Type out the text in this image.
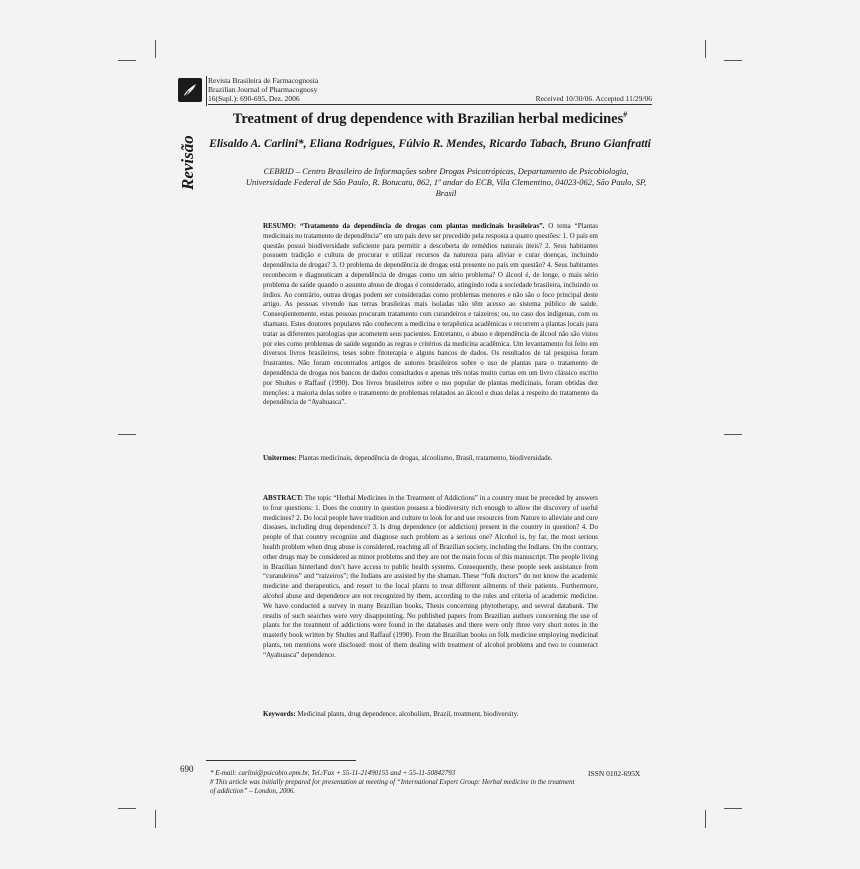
Revista Brasileira de Farmacognosia
Brazilian Journal of Pharmacognosy
16(Supl.): 690-695, Dez. 2006	Received 10/30/06. Accepted 11/29/06
Revisão
Treatment of drug dependence with Brazilian herbal medicines#
Elisaldo A. Carlini*, Eliana Rodrigues, Fúlvio R. Mendes, Ricardo Tabach, Bruno Gianfratti
CEBRID – Centro Brasileiro de Informações sobre Drogas Psicotrópicas, Departamento de Psicobiologia, Universidade Federal de São Paulo, R. Botucatu, 862, 1º andar do ECB, Vila Clementino, 04023-062, São Paulo, SP, Brasil
RESUMO: “Tratamento da dependência de drogas com plantas medicinais brasileiras”. O tema “Plantas medicinais no tratamento de dependência” em um país deve ser precedido pela resposta a quatro questões: 1. O país em questão possui biodiversidade suficiente para permitir a descoberta de remédios naturais úteis? 2. Seus habitantes possuem tradição e cultura de procurar e utilizar recursos da natureza para aliviar e curar doenças, incluindo dependência de drogas? 3. O problema de dependência de drogas está presente no país em questão? 4. Seus habitantes reconhecem e diagnosticam a dependência de drogas como um sério problema? O álcool é, de longe, o mais sério problema de saúde quando o assunto abuso de drogas é considerado, atingindo toda a sociedade brasileira, incluindo os índios. Ao contrário, outras drogas podem ser consideradas como problemas menores e não são o foco principal deste artigo. As pessoas vivendo nas terras brasileiras mais isoladas não têm acesso ao sistema público de saúde. Conseqüentemente, estas pessoas procuram tratamento com curandeiros e raizeiros; ou, no caso dos indígenas, com os shamans. Estes doutores populares não conhecem a medicina e terapêutica acadêmicas e recorrem a plantas locais para tratar as diferentes patologias que acometem seus pacientes. Entretanto, o abuso e dependência de álcool não são vistos por eles como problemas de saúde segundo as regras e critérios da medicina acadêmica. Um levantamento foi feito em diversos livros brasileiros, teses sobre fitoterapia e alguns bancos de dados. Os resultados de tal pesquisa foram frustrantes. Não foram encontrados artigos de autores brasileiros sobre o uso de plantas para o tratamento de dependência de drogas nos bancos de dados consultados e apenas três notas muito curtas em um livro clássico escrito por Shultes e Raffauf (1990). Dos livros brasileiros sobre o uso popular de plantas medicinais, foram obtidas dez menções: a maioria delas sobre o tratamento de problemas relatados ao álcool e duas delas a respeito do tratamento da dependência de “Ayahuasca”.
Unitermos: Plantas medicinais, dependência de drogas, alcoolismo, Brasil, tratamento, biodiversidade.
ABSTRACT: The topic “Herbal Medicines in the Treatment of Addictions” in a country must be preceded by answers to four questions: 1. Does the country in question possess a biodiversity rich enough to allow the discovery of useful medicines? 2. Do local people have tradition and culture to look for and use resources from Nature to alleviate and cure diseases, including drug dependence? 3. Is drug dependence (or addiction) present in the country in question? 4. Do people of that country recognize and diagnose such problem as a serious one? Alcohol is, by far, the most serious health problem when drug abuse is considered, reaching all of Brazilian society, including the Indians. On the contrary, other drugs may be considered as minor problems and they are not the main focus of this manuscript. The people living in Brazilian hinterland don’t have access to public health systems. Consequently, these people seek assistance from “curandeiros” and “raizeiros”; the Indians are assisted by the shaman. These “folk doctors” do not know the academic medicine and therapeutics, and resort to the local plants to treat different ailments of their patients. Furthermore, alcohol abuse and dependence are not recognized by them, according to the rules and criteria of academic medicine. We have conducted a survey in many Brazilian books, Thesis concerning phytotherapy, and several databank. The results of such searches were very disappointing. No published papers from Brazilian authors concerning the use of plants for the treatment of addictions were found in the databases and there were only three very short notes in the masterly book written by Shultes and Raffauf (1990). From the Brazilian books on folk medicine employing medicinal plants, ten mentions were disclosed: most of them dealing with treatment of alcohol problems and two to counteract “Ayahuasca” dependence.
Keywords: Medicinal plants, drug dependence, alcoholism, Brazil, treatment, biodiversity.
690 * E-mail: carlini@psicobio.epm.br, Tel./Fax + 55-11-21490155 and + 55-11-50842793
# This article was initially prepared for presentation at meeting of “International Expert Group: Herbal medicine in the treatment of addiction” – London, 2006.
ISSN 0102-695X
